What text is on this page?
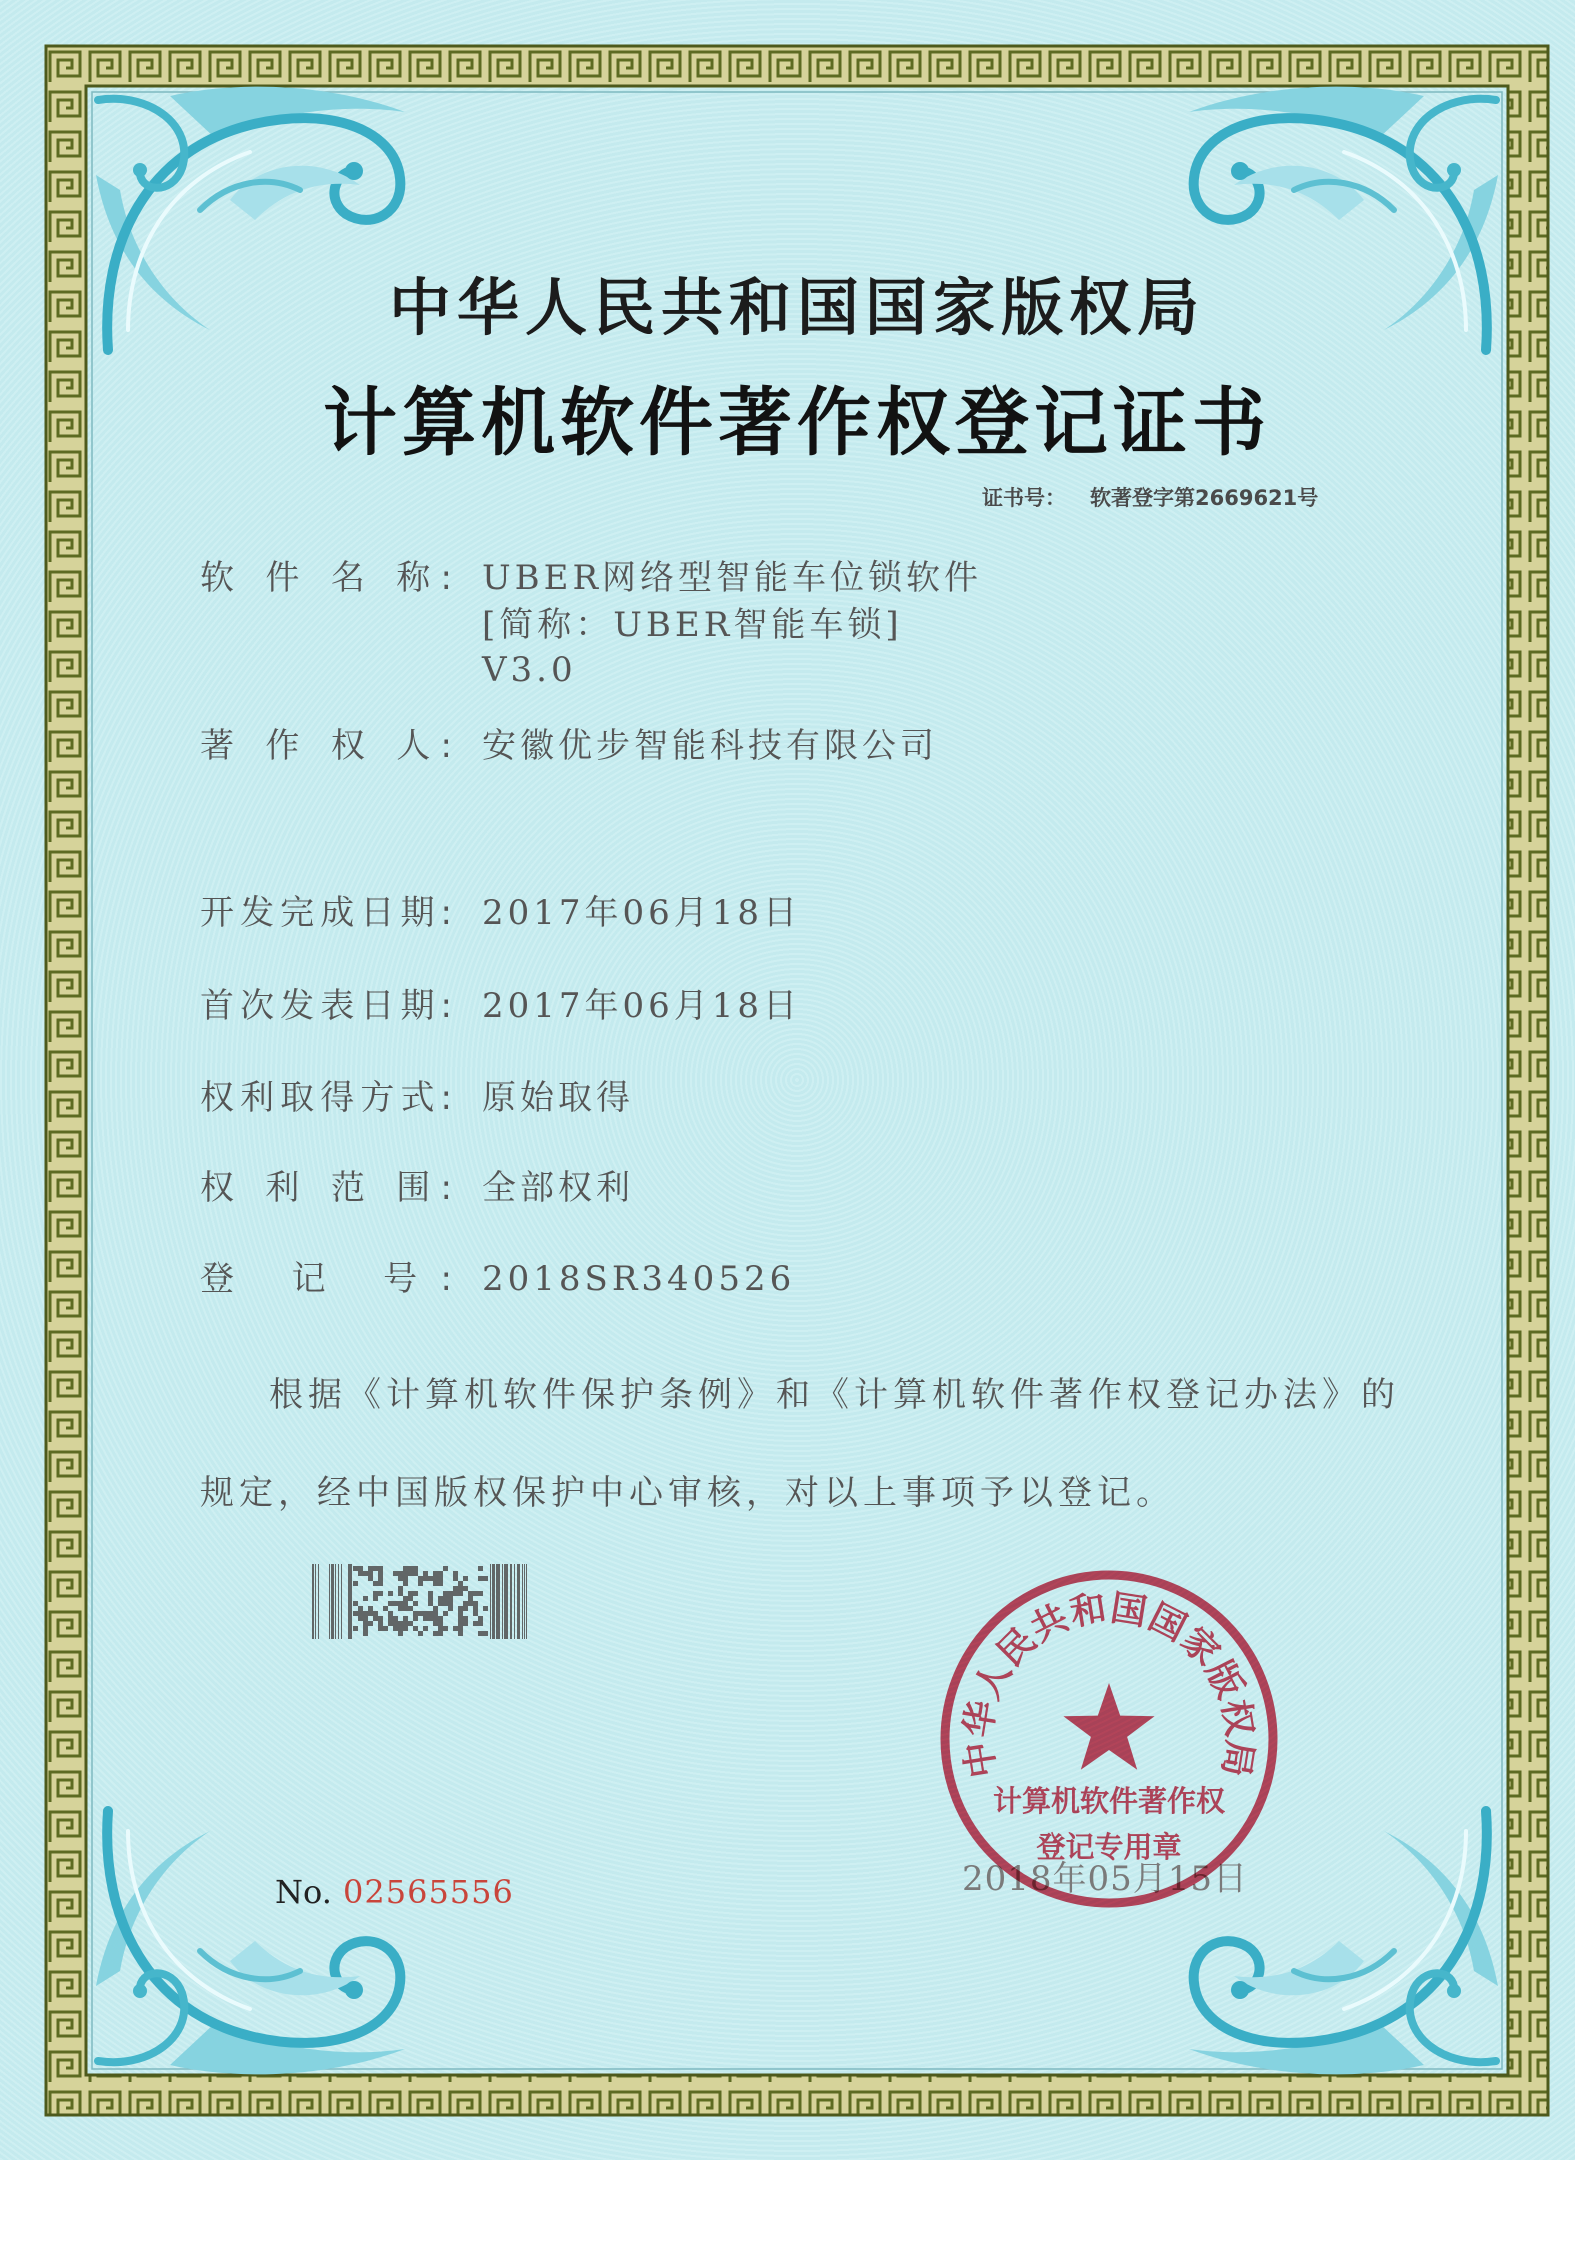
中华人民共和国国家版权局
计算机软件著作权登记证书
证书号： 软著登字第2669621号
软 件 名 称: UBER网络型智能车位锁软件
[简称：UBER智能车锁]
V3.0
著 作 权 人: 安徽优步智能科技有限公司
开发完成日期: 2017年06月18日
首次发表日期: 2017年06月18日
权利取得方式: 原始取得
权 利 范 围: 全部权利
登 记 号: 2018SR340526
根据《计算机软件保护条例》和《计算机软件著作权登记办法》的
规定，经中国版权保护中心审核，对以上事项予以登记。
No. 02565556	2018年05月15日
中华人民共和国国家版权局
计算机软件著作权
登记专用章
